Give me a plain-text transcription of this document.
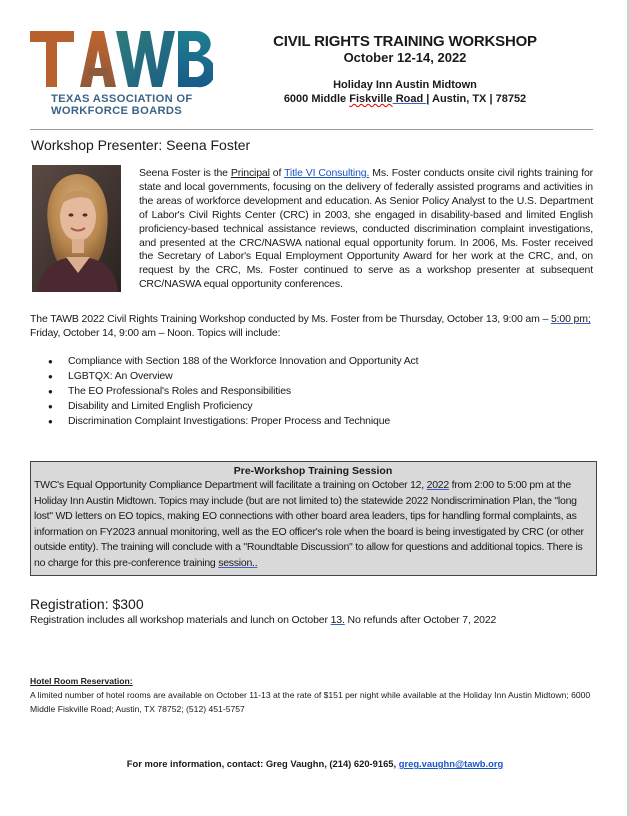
TEXAS ASSOCIATION OF
WORKFORCE BOARDS
CIVIL RIGHTS TRAINING WORKSHOP
October 12-14, 2022
Holiday Inn Austin Midtown
6000 Middle Fiskville Road | Austin, TX | 78752
Workshop Presenter: Seena Foster
Seena Foster is the Principal of Title VI Consulting. Ms. Foster conducts onsite civil rights training for state and local governments, focusing on the delivery of federally assisted programs and activities in the areas of workforce development and education. As Senior Policy Analyst to the U.S. Department of Labor's Civil Rights Center (CRC) in 2003, she engaged in disability-based and limited English proficiency-based technical assistance reviews, conducted discrimination complaint investigations, and presented at the CRC/NASWA national equal opportunity forum. In 2006, Ms. Foster received the Secretary of Labor's Equal Employment Opportunity Award for her work at the CRC, and, on request by the CRC, Ms. Foster continued to serve as a workshop presenter at subsequent CRC/NASWA equal opportunity conferences.
The TAWB 2022 Civil Rights Training Workshop conducted by Ms. Foster from be Thursday, October 13, 9:00 am – 5:00 pm; Friday, October 14, 9:00 am – Noon. Topics will include:
● Compliance with Section 188 of the Workforce Innovation and Opportunity Act
● LGBTQX: An Overview
● The EO Professional's Roles and Responsibilities
● Disability and Limited English Proficiency
● Discrimination Complaint Investigations: Proper Process and Technique
Pre-Workshop Training Session
TWC's Equal Opportunity Compliance Department will facilitate a training on October 12, 2022 from 2:00 to 5:00 pm at the Holiday Inn Austin Midtown. Topics may include (but are not limited to) the statewide 2022 Nondiscrimination Plan, the "long lost" WD letters on EO topics, making EO connections with other board area leaders, tips for handling formal complaints, as information on FY2023 annual monitoring, well as the EO officer's role when the board is being investigated by CRC (or other outside entity). The training will conclude with a "Roundtable Discussion" to allow for questions and additional topics. There is no charge for this pre-conference training session..
Registration: $300
Registration includes all workshop materials and lunch on October 13. No refunds after October 7, 2022
Hotel Room Reservation:
A limited number of hotel rooms are available on October 11-13 at the rate of $151 per night while available at the Holiday Inn Austin Midtown; 6000 Middle Fiskville Road; Austin, TX 78752; (512) 451-5757
For more information, contact: Greg Vaughn, (214) 620-9165, greg.vaughn@tawb.org
